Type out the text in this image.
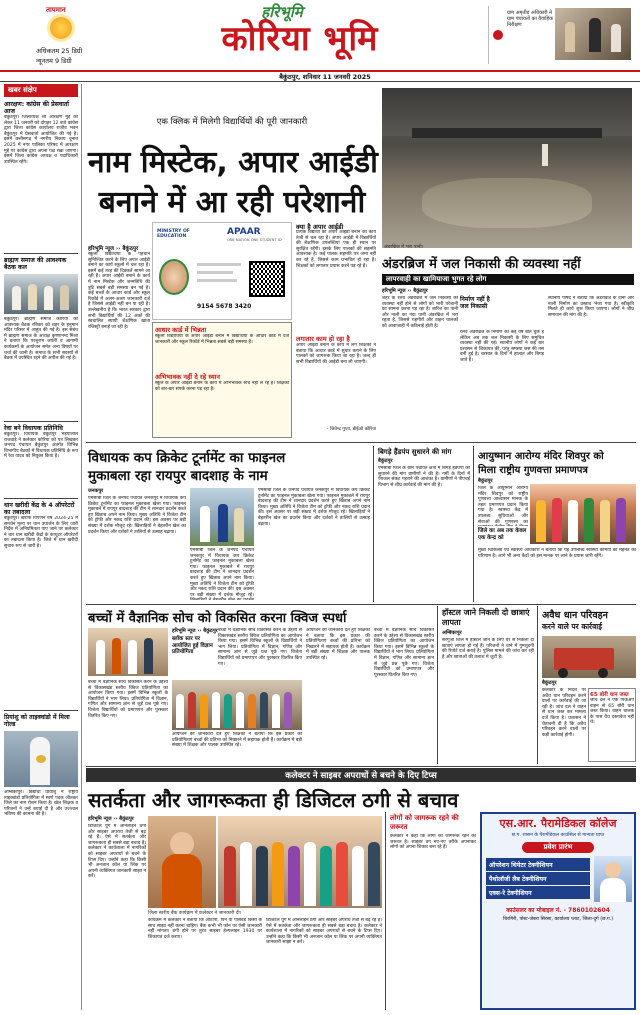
तापमान
अधिकतम 25 डिग्री
न्यूनतम 9 डिग्री
हरिभूमि
कोरिया भूमि
ग्राम अमृतीड अधिकारी ने ग्राम पंचायतों का वैवाहिक निरीक्षण
बैकुंठपुर, शनिवार 11 जनवरी 2025
खबर संक्षेप
आरक्षण: कांग्रेस की प्रेसवार्ता आज
बैकुंठपुर। जिलाध्यक्ष श्री आरक्षण मुद्दे को लेकर 11 जनवरी को दोपहर 12 बजे कांग्रेस द्वारा जिला कांग्रेस कार्यालय राजीव भवन बैकुंठपुर में प्रेसवार्ता आयोजित की गई है। इसमें छत्तीसगढ़ में नगरीय निकाय चुनाव 2025 में नगर पालिका परिषद में आरक्षण मुद्दे पर कांग्रेस द्वारा अपना पक्ष रखा जाएगा। इसमें जिला कांग्रेस अध्यक्ष व पदाधिकारी उपस्थित रहेंगे।
ब्राह्मण समाज की आवश्यक बैठक कल
बैकुंठपुर। ब्राह्मण समाज कोरिया की आवश्यक बैठक रविवार को शहर के हनुमान मंदिर परिसर में आहूत की गई है। इस संबंध में ब्राह्मण समाज के अध्यक्ष कृष्णानन्द मिश्रा ने बताया कि परशुराम जयंती व आगामी कार्यक्रमों के आयोजन समेत अन्य विषयों पर चर्चा की जानी है। समाज के सभी सदस्यों से बैठक में उपस्थित रहने की अपील की गई है।
रेवा बने विधायक प्रतिनिधि
बैकुंठपुर। विधायक बैकुंठपुर भईयालाल राजवाड़े ने कलेक्टर कोरिया को पत्र लिखकर जनपद पंचायत बैकुंठपुर अंतर्गत विभिन्न विभागीय बैठकों में विधायक प्रतिनिधि के रूप में रेवा यादव को नियुक्त किया है।
धान खरीदी केंद्र के 4 ऑपरेटरों का तबादला
बैकुंठपुर। खरीफ विपणन वर्ष 2024-25 में समर्थन मूल्य पर धान उपार्जन के लिए जारी निर्देश में अनियमितता पाए जाने पर कलेक्टर ने चार धान खरीदी केंद्रों के कंप्यूटर ऑपरेटरों का तबादला किया है। जिले में धान खरीदी सुचारु रूप से जारी है।
प्रियांशु को ताइक्वांडो में मिला गोल्ड
अम्बिकापुर। विद्यार्थी प्रियांशु ने राष्ट्रीय ताइक्वांडो प्रतियोगिता में स्वर्ण पदक जीतकर जिले का नाम रोशन किया है। खेल शिक्षक व परिजनों ने उन्हें बधाई दी है और उज्ज्वल भविष्य की कामना की है।
एक क्लिक में मिलेगी विद्यार्थियों की पूरी जानकारी
नाम मिस्टेक, अपार आईडी
बनाने में आ रही परेशानी
हरिभूमि न्यूज ›› बैकुंठपुर
स्कूली विद्यार्थियों के पहचान सुनिश्चित करने के लिए अपार आईडी बनाने का कार्य स्कूलों में चल रहा है। इसमें कई तरह की दिक्कतें सामने आ रही हैं। अपार आईडी बनाने के कार्य में नाम मिस्टेक और जन्मतिथि की त्रुटि सबसे बड़ी समस्या बन गई है। कई बच्चों के आधार कार्ड और स्कूल रिकॉर्ड में अलग-अलग जानकारी दर्ज है जिससे आईडी नहीं बन पा रही है। उल्लेखनीय है कि भारत सरकार द्वारा सभी विद्यार्थियों की 12 अंकों की स्वचालित स्थायी शैक्षणिक खाता रजिस्ट्री बनाई जा रही है।
MINISTRY OF EDUCATION	APAAR
ONE NATION ONE STUDENT ID
9154 5678 3420
आधार कार्ड में भिन्नता
स्कूली विद्यार्थियों के अपार आईडी बनाने में विद्यार्थियों के आधार कार्ड में दर्ज जानकारी और स्कूल रिकॉर्ड में भिन्नता सबसे बड़ी समस्या है।
अभिभावक नहीं दे रहे ध्यान
स्कूल के अपार आईडी बनाने के कार्य में अभिभावक रुचि नहीं ले रहे हैं। शिक्षकों को बार-बार संपर्क करना पड़ रहा है।
क्या है अपार आईडी
प्रत्येक विद्यार्थी की अपार आईडी बनाने का कार्य तेजी से चल रहा है। अपार आईडी में विद्यार्थियों की शैक्षणिक उपलब्धियां एक ही स्थान पर सुरक्षित रहेंगी। इसके लिए पालकों की सहमति आवश्यक है। कई पालक सहमति पत्र जमा नहीं कर रहे हैं, जिससे काम प्रभावित हो रहा है। शिक्षकों को लगातार प्रयास करने पड़ रहे हैं।
लगातार काम हो रहा है
अपार आईडी बनाने के कार्य में लगे शिक्षकों ने बताया कि आधार कार्ड में सुधार कराने के लिए पालकों को जागरूक किया जा रहा है। जल्द ही सभी विद्यार्थियों की आईडी बना ली जाएगी।
- जितेन्द्र गुप्ता, डीईओ कोरिया
अंडरब्रिज में भरा पानी।
अंडरब्रिज में जल निकासी की व्यवस्था नहीं
लापरवाही का खामियाजा भुगत रहे लोग
हरिभूमि न्यूज ›› बैकुंठपुर
शहर के रेलवे अंडरब्रिज में जल निकासी की व्यवस्था नहीं होने से लोगों को भारी परेशानी का सामना करना पड़ रहा है। बारिश का पानी और नाली का गंदा पानी अंडरब्रिज में भरा रहता है, जिससे राहगीरों और वाहन चालकों को आवाजाही में कठिनाई होती है।
निर्माण नहीं है जल निकासी
रेलवे अंडरब्रिज के निर्माण को कई वर्ष बीत चुके हैं लेकिन अब तक जल निकासी के लिए समुचित व्यवस्था नहीं की गई। स्थानीय लोगों ने कई बार प्रशासन से शिकायत की, परंतु समस्या जस की तस बनी हुई है। बरसात के दिनों में हालात और बिगड़ जाते हैं।
स्थानीय पार्षद ने बताया कि अंडरब्रिज के दोनों ओर नाली निर्माण का प्रस्ताव भेजा गया है। स्वीकृति मिलते ही कार्य शुरू किया जाएगा। लोगों ने शीघ्र समाधान की मांग की है।
विधायक कप क्रिकेट टूर्नामेंट का फाइनल
मुकाबला रहा रायपुर बादशाह के नाम
जनकपुर
एमसीबी जिले के जनपद पंचायत जनकपुर में विधायक कप क्रिकेट टूर्नामेंट का फाइनल मुकाबला खेला गया। फाइनल मुकाबले में रायपुर बादशाह की टीम ने शानदार प्रदर्शन करते हुए खिताब अपने नाम किया। मुख्य अतिथि ने विजेता टीम को ट्रॉफी और नकद राशि प्रदान की। इस अवसर पर बड़ी संख्या में दर्शक मौजूद रहे। खिलाड़ियों ने बेहतरीन खेल का प्रदर्शन किया और दर्शकों ने तालियों से उत्साह बढ़ाया।
एमसीबी जिले के जनपद पंचायत जनकपुर में विधायक कप क्रिकेट टूर्नामेंट का फाइनल मुकाबला खेला गया। फाइनल मुकाबले में रायपुर बादशाह की टीम ने शानदार प्रदर्शन करते हुए खिताब अपने नाम किया। मुख्य अतिथि ने विजेता टीम को ट्रॉफी और नकद राशि प्रदान की। इस अवसर पर बड़ी संख्या में दर्शक मौजूद रहे।
एमसीबी जिले के जनपद पंचायत जनकपुर में विधायक कप क्रिकेट टूर्नामेंट का फाइनल मुकाबला खेला गया। फाइनल मुकाबले में रायपुर बादशाह की टीम ने शानदार प्रदर्शन करते हुए खिताब अपने नाम किया। मुख्य अतिथि ने विजेता टीम को ट्रॉफी और नकद राशि प्रदान की। इस अवसर पर बड़ी संख्या में दर्शक मौजूद रहे। खिलाड़ियों ने बेहतरीन खेल का प्रदर्शन किया और दर्शकों ने तालियों से उत्साह बढ़ाया।
बिगड़े हैंडपंप सुधारने की मांग
बैकुंठपुर
एमसीबी जिले के ग्राम पंचायत क्षेत्रों में बिगड़े हैंडपंपों को सुधारने की मांग ग्रामीणों ने की है। गर्मी के दिनों में पेयजल संकट गहराने की आशंका है। ग्रामीणों ने पीएचई विभाग से शीघ्र कार्रवाई की मांग की है।
आयुष्मान आरोग्य मंदिर शिवपुर को
मिला राष्ट्रीय गुणवत्ता प्रमाणपत्र
बैकुंठपुर
जिले के आयुष्मान आरोग्य मंदिर शिवपुर को राष्ट्रीय गुणवत्ता आश्वासन मानक के तहत प्रमाणपत्र प्रदान किया गया है। स्वास्थ्य केंद्र में उपलब्ध सुविधाओं और सेवाओं की गुणवत्ता का
जिले का अब तक केवल एक केन्द्र को
मुख्य चिकित्सा एवं स्वास्थ्य अधिकारी ने बताया कि यह उपलब्धि स्वास्थ्य कर्मियों की मेहनत का परिणाम है। आगे भी अन्य केंद्रों को इस मानक पर लाने के प्रयास जारी रहेंगे।
बच्चों में वैज्ञानिक सोच को विकसित करना क्विज स्पर्धा
हरिभूमि न्यूज ›› बैकुंठपुर
ब्लॉक स्तर पर आयोजित हुई विज्ञान प्रतियोगिता
बच्चों में वैज्ञानिक सोच विकसित करने के उद्देश्य से विकासखंड स्तरीय क्विज प्रतियोगिता का आयोजन किया गया। इसमें विभिन्न स्कूलों के विद्यार्थियों ने भाग लिया। प्रतियोगिता में विज्ञान, गणित और सामान्य ज्ञान से जुड़े प्रश्न पूछे गए। विजेता विद्यार्थियों को प्रमाणपत्र और पुरस्कार वितरित किए गए।
बच्चों में वैज्ञानिक सोच विकसित करने के उद्देश्य से विकासखंड स्तरीय क्विज प्रतियोगिता का आयोजन किया गया। इसमें विभिन्न स्कूलों के विद्यार्थियों ने भाग लिया। प्रतियोगिता में विज्ञान, गणित और सामान्य ज्ञान से जुड़े प्रश्न पूछे गए। विजेता विद्यार्थियों को प्रमाणपत्र और पुरस्कार वितरित किए गए।
आयोजन की जानकारी देते हुए शिक्षकों ने बताया कि इस प्रकार की प्रतियोगिताएं बच्चों की प्रतिभा को निखारने में सहायक होती हैं। कार्यक्रम में बड़ी संख्या में शिक्षक और पालक उपस्थित रहे।
आयोजन की जानकारी देते हुए शिक्षकों ने बताया कि इस प्रकार की प्रतियोगिताएं बच्चों की प्रतिभा को निखारने में सहायक होती हैं। कार्यक्रम में बड़ी संख्या में शिक्षक और पालक उपस्थित रहे।
बच्चों में वैज्ञानिक सोच विकसित करने के उद्देश्य से विकासखंड स्तरीय क्विज प्रतियोगिता का आयोजन किया गया। इसमें विभिन्न स्कूलों के विद्यार्थियों ने भाग लिया। प्रतियोगिता में विज्ञान, गणित और सामान्य ज्ञान से जुड़े प्रश्न पूछे गए। विजेता विद्यार्थियों को प्रमाणपत्र और पुरस्कार वितरित किए गए।
हॉस्टल जाने निकली दो छात्राएं लापता
अम्बिकापुर
सरगुजा जिले में हॉस्टल जाने के लिए घर से निकली दो छात्राएं लापता हो गई हैं। परिजनों ने थाने में गुमशुदगी की रिपोर्ट दर्ज कराई है। पुलिस मामले की जांच कर रही है और छात्राओं की तलाश में जुटी है।
अवैध धान परिवहन
करने वाले पर कार्रवाई
बैकुंठपुर
कलेक्टर के निर्देश पर अवैध धान परिवहन करने वालों पर कार्रवाई की जा रही है। जांच दल ने वाहन से धान जब्त कर मामला दर्ज किया है। प्रशासन ने चेतावनी दी है कि अवैध परिवहन करने वालों पर कड़ी कार्रवाई होगी।
65 बोरी धान जब्त
जांच दल ने एक पिकअप वाहन से 65 बोरी धान जब्त किया। वाहन चालक के पास वैध दस्तावेज नहीं थे।
कलेक्टर ने साइबर अपराधों से बचने के दिए टिप्स
सतर्कता और जागरूकता ही डिजिटल ठगी से बचाव
हरिभूमि न्यूज ›› बैकुंठपुर
डिजिटल युग में ऑनलाइन ठगी और साइबर अपराध तेजी से बढ़ रहे हैं। ऐसे में सतर्कता और जागरूकता ही सबसे बड़ा बचाव है। कलेक्टर ने कार्यशाला में नागरिकों को साइबर अपराधों से बचने के टिप्स दिए। उन्होंने कहा कि किसी भी अनजान कॉल या लिंक पर अपनी व्यक्तिगत जानकारी साझा न करें।
जिला स्तरीय बैंक कार्यक्रम में कलेक्टर ने जानकारी दी।
कार्यक्रम में कलेक्टर ने बताया कि ओटीपी, पिन या पासवर्ड किसी के साथ साझा नहीं करना चाहिए। बैंक कभी भी फोन पर ऐसी जानकारी नहीं मांगता। ठगी होने पर तुरंत साइबर हेल्पलाइन 1930 पर शिकायत दर्ज कराएं।
डिजिटल युग में ऑनलाइन ठगी और साइबर अपराध तेजी से बढ़ रहे हैं। ऐसे में सतर्कता और जागरूकता ही सबसे बड़ा बचाव है। कलेक्टर ने कार्यशाला में नागरिकों को साइबर अपराधों से बचने के टिप्स दिए। उन्होंने कहा कि किसी भी अनजान कॉल या लिंक पर अपनी व्यक्तिगत जानकारी साझा न करें।
लोगों को जागरूक रहने की जरूरत
कलेक्टर ने कहा कि लोगों को जागरूक रहने की जरूरत है। साइबर ठग नए-नए तरीके अपनाकर लोगों को अपना शिकार बना रहे हैं।
एस.आर. पैरामेडिकल कॉलेज
छ.ग. शासन के पैरामेडिकल काउंसिल से मान्यता प्राप्त
प्रवेश प्रारंभ
ऑपरेशन थियेटर टेक्नीशियन
पैथोलॉजी लैब टेक्नीशियन
एक्स-रे टेक्नीशियन
काउंसलर का मोबाइल नं. - 7860102604
चिरमिरी, पोस्ट-जेबरा सिरसा, कार्यालय प्लाट, जिला-दुर्ग (छ.ग.)
